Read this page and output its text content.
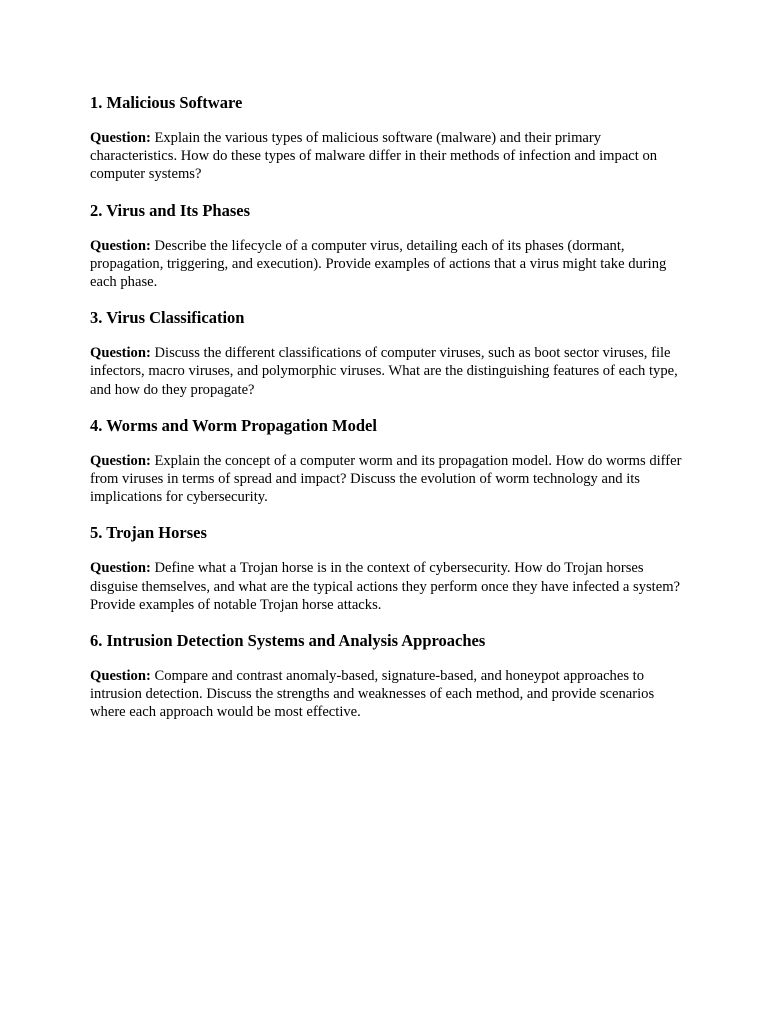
1. Malicious Software

Question: Explain the various types of malicious software (malware) and their primary characteristics. How do these types of malware differ in their methods of infection and impact on computer systems?

2. Virus and Its Phases

Question: Describe the lifecycle of a computer virus, detailing each of its phases (dormant, propagation, triggering, and execution). Provide examples of actions that a virus might take during each phase.

3. Virus Classification

Question: Discuss the different classifications of computer viruses, such as boot sector viruses, file infectors, macro viruses, and polymorphic viruses. What are the distinguishing features of each type, and how do they propagate?

4. Worms and Worm Propagation Model

Question: Explain the concept of a computer worm and its propagation model. How do worms differ from viruses in terms of spread and impact? Discuss the evolution of worm technology and its implications for cybersecurity.

5. Trojan Horses

Question: Define what a Trojan horse is in the context of cybersecurity. How do Trojan horses disguise themselves, and what are the typical actions they perform once they have infected a system? Provide examples of notable Trojan horse attacks.

6. Intrusion Detection Systems and Analysis Approaches

Question: Compare and contrast anomaly-based, signature-based, and honeypot approaches to intrusion detection. Discuss the strengths and weaknesses of each method, and provide scenarios where each approach would be most effective.
